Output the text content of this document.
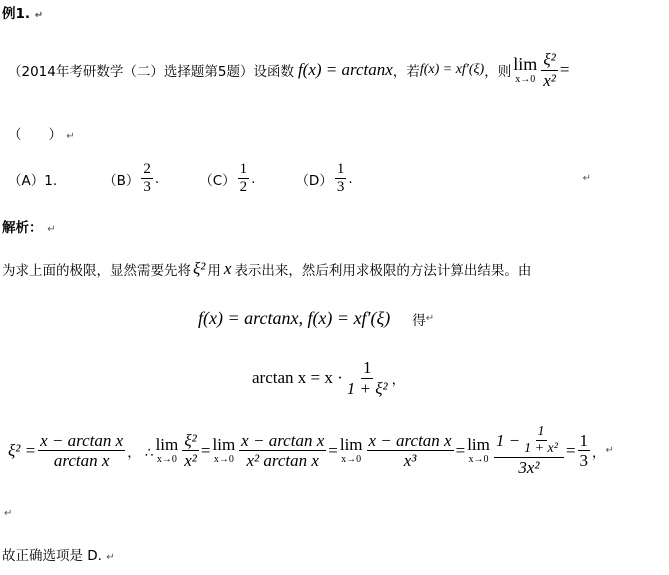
例1. ↵
（2014年考研数学（二）选择题第5题）设函数 f(x) = arctanx ，若 f(x) = xf′(ξ) ，则 lim
$x\to 0 \frac{\text{ξ²}}{\text{x²}}$ =
（　　） ↵
（A）1.	$(B) \frac{2}{3}$ .	$(C) \frac{1}{2}$ .	$(D) \frac{1}{3}$ .	↵
解析： ↵
为求上面的极限，显然需要先将 ξ² 用 x 表示出来，然后利用求极限的方法计算出结果。由
f(x) = arctanx, f(x) = xf′(ξ) 得 ↵
$\arctan x = x \cdot \frac{1}{\text{1 + ξ²}}$ ，
$\xi^2 = \frac{\text{x − arctan x}}{\text{arctan x}}$ ， ∴ lim
$x\to 0 \frac{\text{ξ²}}{\text{x²}} = \lim$
$x\to 0 \frac{\text{x − arctan x}}{\text{x² arctan x}} = \lim$
$x\to 0 \frac{\text{x − arctan x}}{\text{x³}} = \lim$
$x\to 0 \frac{1 - \frac{1}{\text{1 + x²}}}{\text{3x²}} = \frac{1}{3}$ ， ↵
↵
故正确选项是 D. ↵
